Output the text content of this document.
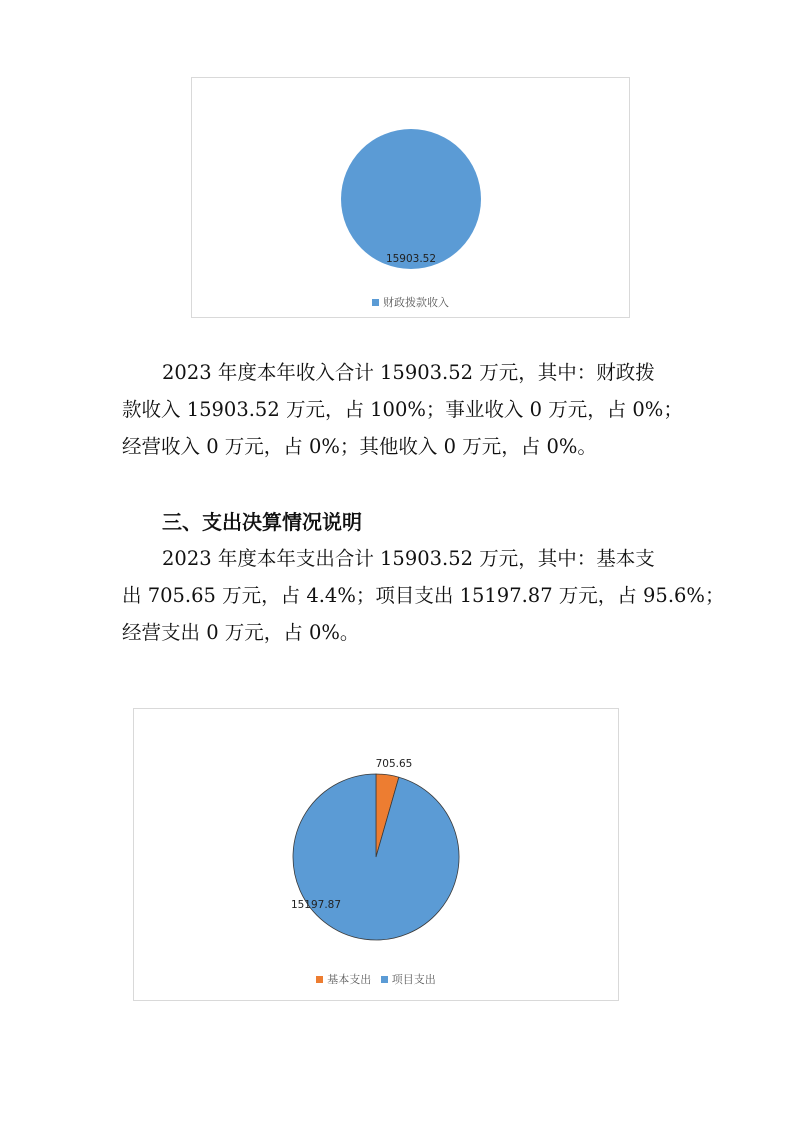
15903.52
财政拨款收入
2023 年度本年收入合计 15903.52 万元，其中：财政拨
款收入 15903.52 万元，占 100%；事业收入 0 万元，占 0%；
经营收入 0 万元，占 0%；其他收入 0 万元，占 0%。
三、支出决算情况说明
2023 年度本年支出合计 15903.52 万元，其中：基本支
出 705.65 万元，占 4.4%；项目支出 15197.87 万元，占 95.6%；
经营支出 0 万元，占 0%。
705.65
15197.87
基本支出 项目支出
